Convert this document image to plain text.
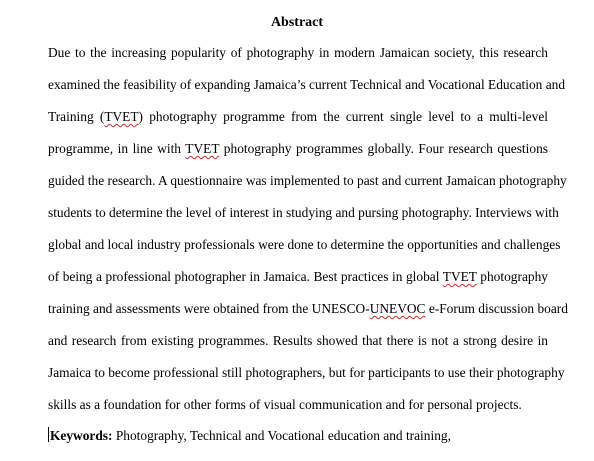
Abstract
Due to the increasing popularity of photography in modern Jamaican society, this research
examined the feasibility of expanding Jamaica’s current Technical and Vocational Education and
Training (TVET) photography programme from the current single level to a multi-level
programme, in line with TVET photography programmes globally. Four research questions
guided the research. A questionnaire was implemented to past and current Jamaican photography
students to determine the level of interest in studying and pursing photography. Interviews with
global and local industry professionals were done to determine the opportunities and challenges
of being a professional photographer in Jamaica. Best practices in global TVET photography
training and assessments were obtained from the UNESCO-UNEVOC e-Forum discussion board
and research from existing programmes. Results showed that there is not a strong desire in
Jamaica to become professional still photographers, but for participants to use their photography
skills as a foundation for other forms of visual communication and for personal projects.
Keywords: Photography, Technical and Vocational education and training,
